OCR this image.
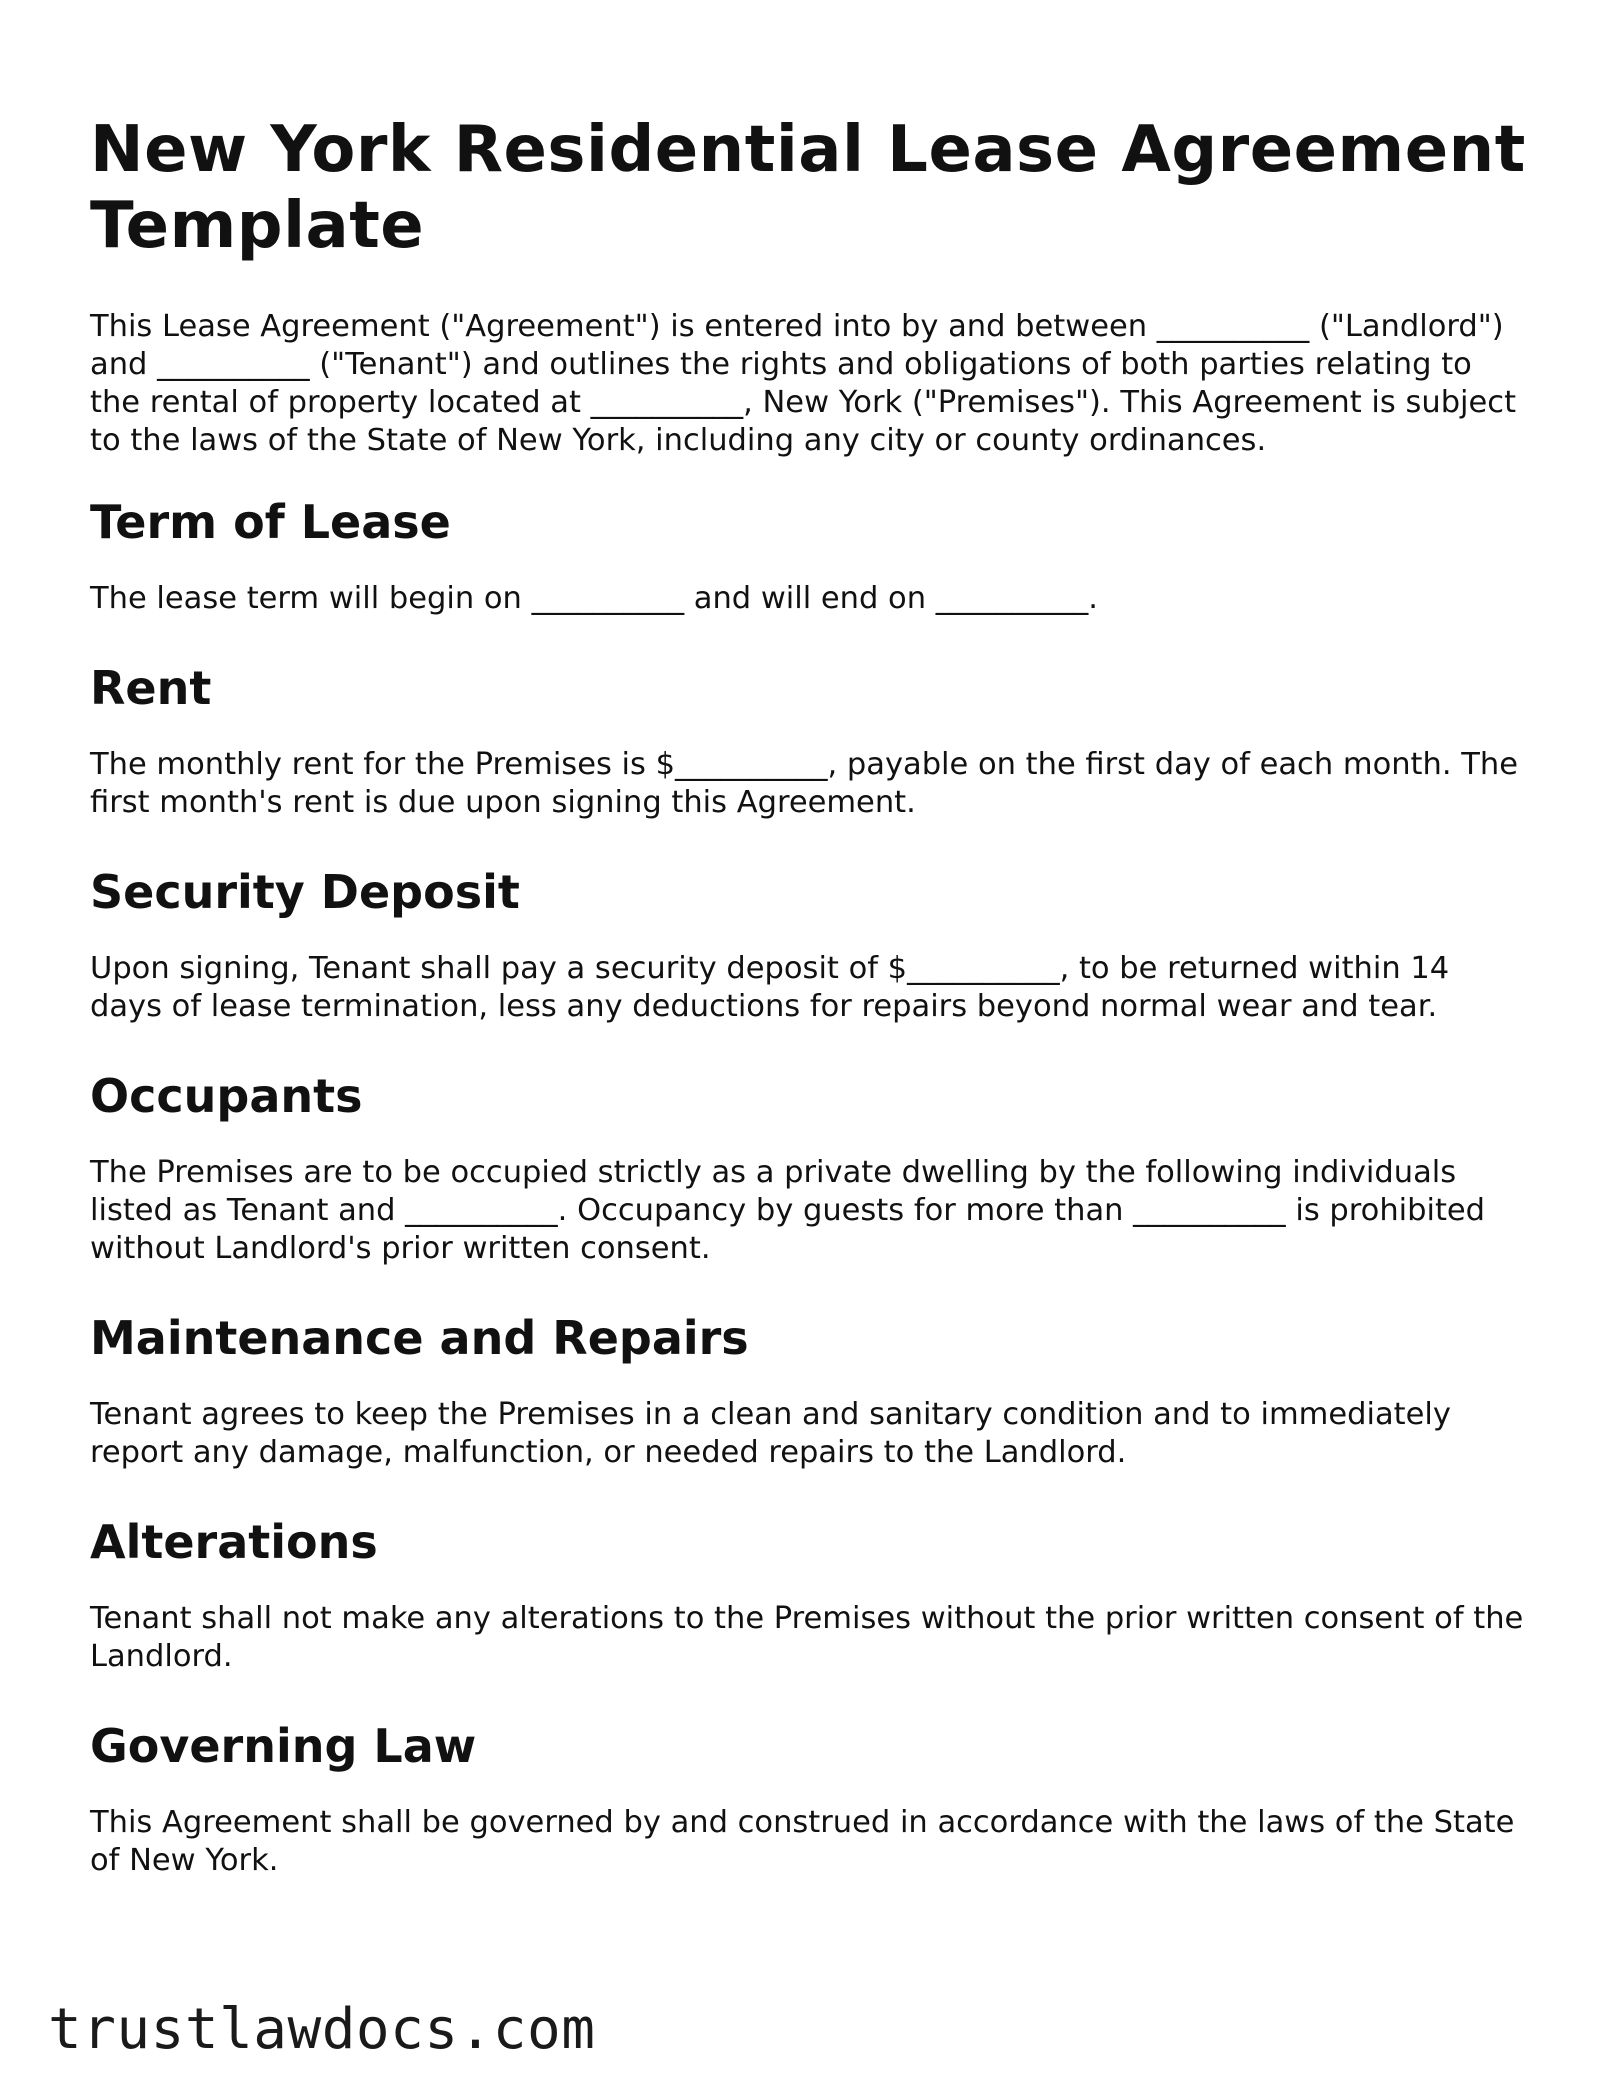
New York Residential Lease Agreement Template

This Lease Agreement ("Agreement") is entered into by and between __________ ("Landlord") and __________ ("Tenant") and outlines the rights and obligations of both parties relating to the rental of property located at __________, New York ("Premises"). This Agreement is subject to the laws of the State of New York, including any city or county ordinances.

Term of Lease

The lease term will begin on __________ and will end on __________.

Rent

The monthly rent for the Premises is $__________, payable on the first day of each month. The first month's rent is due upon signing this Agreement.

Security Deposit

Upon signing, Tenant shall pay a security deposit of $__________, to be returned within 14 days of lease termination, less any deductions for repairs beyond normal wear and tear.

Occupants

The Premises are to be occupied strictly as a private dwelling by the following individuals listed as Tenant and __________. Occupancy by guests for more than __________ is prohibited without Landlord's prior written consent.

Maintenance and Repairs

Tenant agrees to keep the Premises in a clean and sanitary condition and to immediately report any damage, malfunction, or needed repairs to the Landlord.

Alterations

Tenant shall not make any alterations to the Premises without the prior written consent of the Landlord.

Governing Law

This Agreement shall be governed by and construed in accordance with the laws of the State of New York.

trustlawdocs.com
